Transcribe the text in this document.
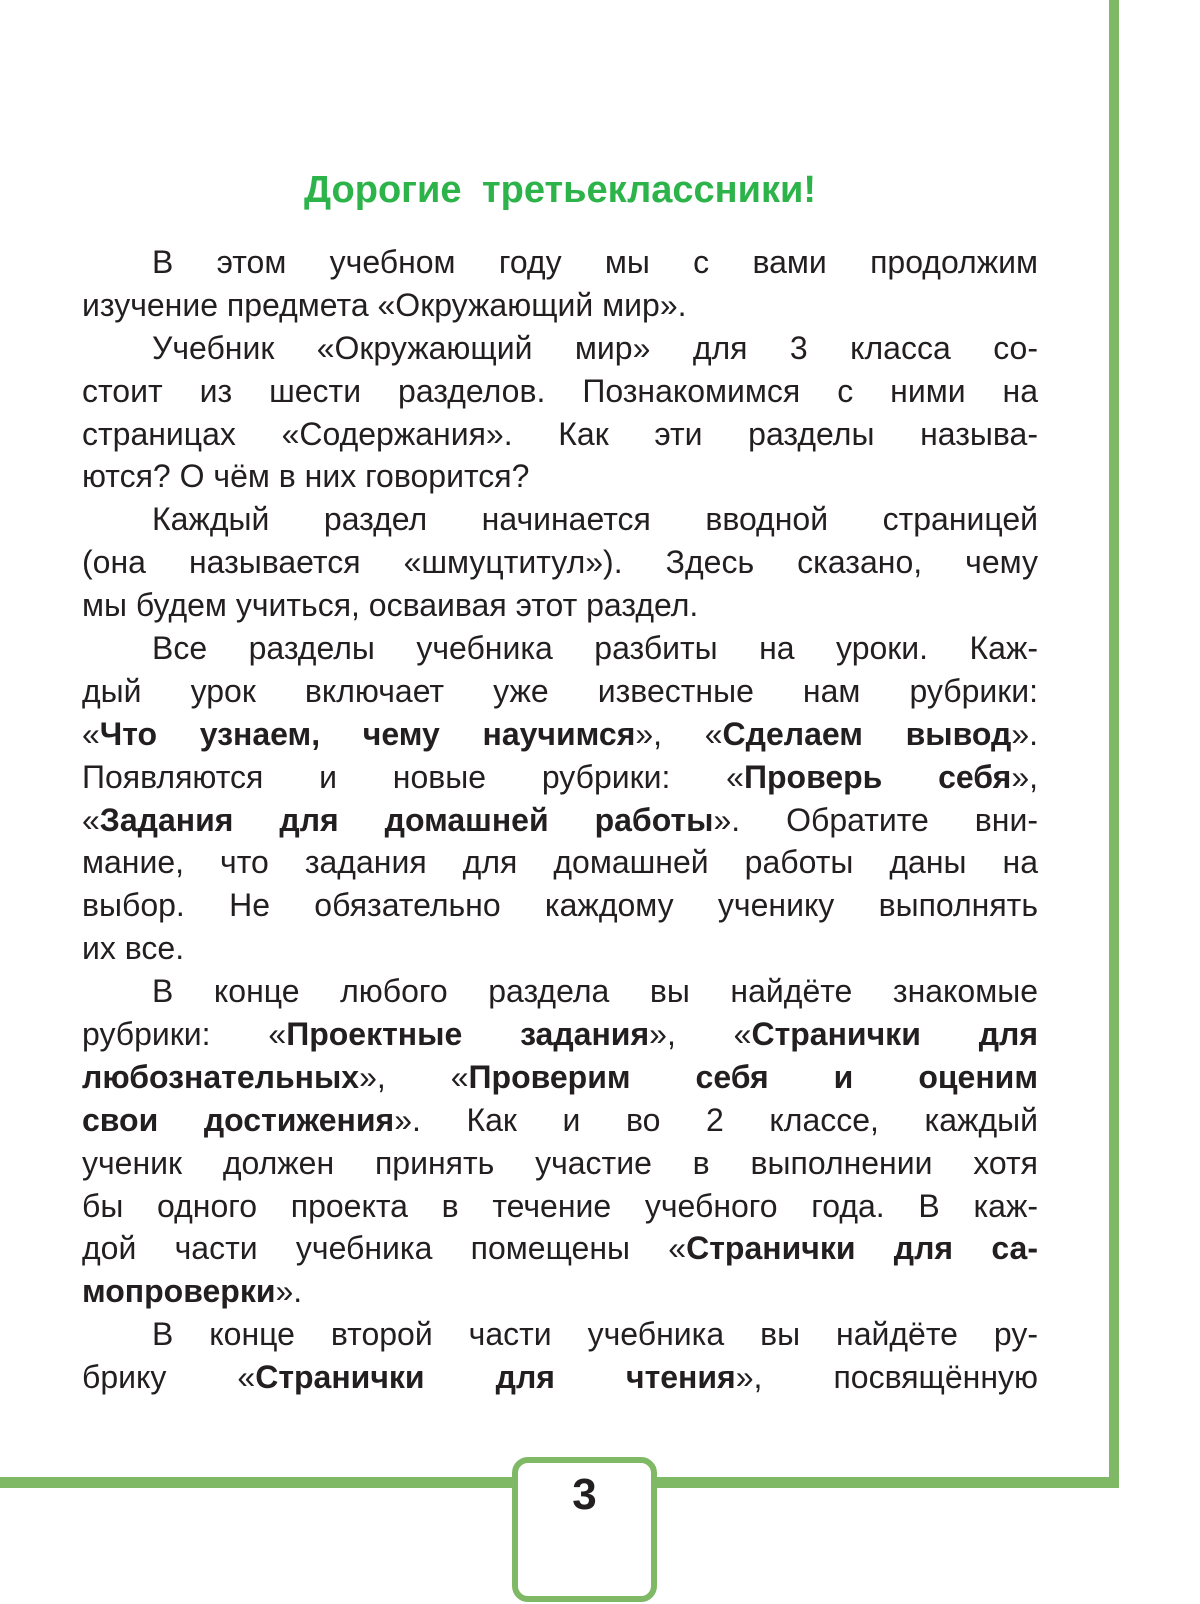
Дорогие третьеклассники!
В этом учебном году мы с вами продолжим
изучение предмета «Окружающий мир».
Учебник «Окружающий мир» для 3 класса со-
стоит из шести разделов. Познакомимся с ними на
страницах «Содержания». Как эти разделы называ-
ются? О чём в них говорится?
Каждый раздел начинается вводной страницей
(она называется «шмуцтитул»). Здесь сказано, чему
мы будем учиться, осваивая этот раздел.
Все разделы учебника разбиты на уроки. Каж-
дый урок включает уже известные нам рубрики:
«Что узнаем, чему научимся», «Сделаем вывод».
Появляются и новые рубрики: «Проверь себя»,
«Задания для домашней работы». Обратите вни-
мание, что задания для домашней работы даны на
выбор. Не обязательно каждому ученику выполнять
их все.
В конце любого раздела вы найдёте знакомые
рубрики: «Проектные задания», «Странички для
любознательных», «Проверим себя и оценим
свои достижения». Как и во 2 классе, каждый
ученик должен принять участие в выполнении хотя
бы одного проекта в течение учебного года. В каж-
дой части учебника помещены «Странички для са-
мопроверки».
В конце второй части учебника вы найдёте ру-
брику «Странички для чтения», посвящённую
3
